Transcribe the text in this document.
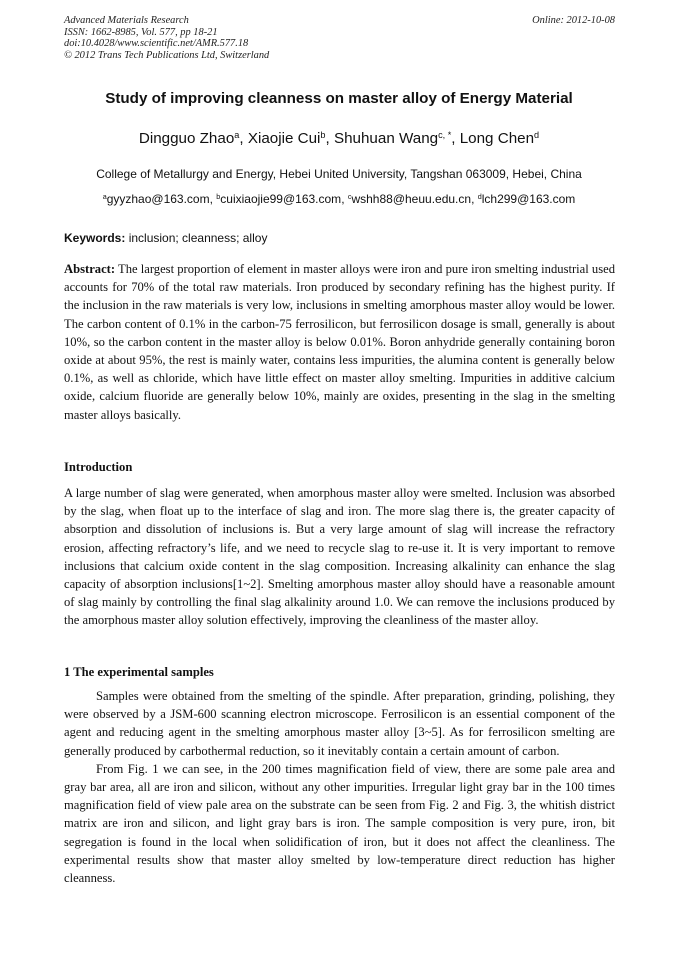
Advanced Materials Research
ISSN: 1662-8985, Vol. 577, pp 18-21
doi:10.4028/www.scientific.net/AMR.577.18
© 2012 Trans Tech Publications Ltd, Switzerland
Online: 2012-10-08
Study of improving cleanness on master alloy of Energy Material
Dingguo Zhao$^a$, Xiaojie Cui$^b$, Shuhuan Wang$^{c, *}$, Long Chen$^d$
College of Metallurgy and Energy, Hebei United University, Tangshan 063009, Hebei, China
$^a$gyyzhao@163.com, $^b$cuixiaojie99@163.com, $^c$wshh88@heuu.edu.cn, $^d$lch299@163.com
Keywords: inclusion; cleanness; alloy

Abstract: The largest proportion of element in master alloys were iron and pure iron smelting industrial used accounts for 70% of the total raw materials. Iron produced by secondary refining has the highest purity. If the inclusion in the raw materials is very low, inclusions in smelting amorphous master alloy would be lower. The carbon content of 0.1% in the carbon-75 ferrosilicon, but ferrosilicon dosage is small, generally is about 10%, so the carbon content in the master alloy is below 0.01%. Boron anhydride generally containing boron oxide at about 95%, the rest is mainly water, contains less impurities, the alumina content is generally below 0.1%, as well as chloride, which have little effect on master alloy smelting. Impurities in additive calcium oxide, calcium fluoride are generally below 10%, mainly are oxides, presenting in the slag in the smelting master alloys basically.

Introduction

A large number of slag were generated, when amorphous master alloy were smelted. Inclusion was absorbed by the slag, when float up to the interface of slag and iron. The more slag there is, the greater capacity of absorption and dissolution of inclusions is. But a very large amount of slag will increase the refractory erosion, affecting refractory’s life, and we need to recycle slag to re-use it. It is very important to remove inclusions that calcium oxide content in the slag composition. Increasing alkalinity can enhance the slag capacity of absorption inclusions[1~2]. Smelting amorphous master alloy should have a reasonable amount of slag mainly by controlling the final slag alkalinity around 1.0. We can remove the inclusions produced by the amorphous master alloy solution effectively, improving the cleanliness of the master alloy.

1 The experimental samples

Samples were obtained from the smelting of the spindle. After preparation, grinding, polishing, they were observed by a JSM-600 scanning electron microscope. Ferrosilicon is an essential component of the agent and reducing agent in the smelting amorphous master alloy [3~5]. As for ferrosilicon smelting are generally produced by carbothermal reduction, so it inevitably contain a certain amount of carbon.

From Fig. 1 we can see, in the 200 times magnification field of view, there are some pale area and gray bar area, all are iron and silicon, without any other impurities. Irregular light gray bar in the 100 times magnification field of view pale area on the substrate can be seen from Fig. 2 and Fig. 3, the whitish district matrix are iron and silicon, and light gray bars is iron. The sample composition is very pure, iron, bit segregation is found in the local when solidification of iron, but it does not affect the cleanliness. The experimental results show that master alloy smelted by low-temperature direct reduction has higher cleanness.
